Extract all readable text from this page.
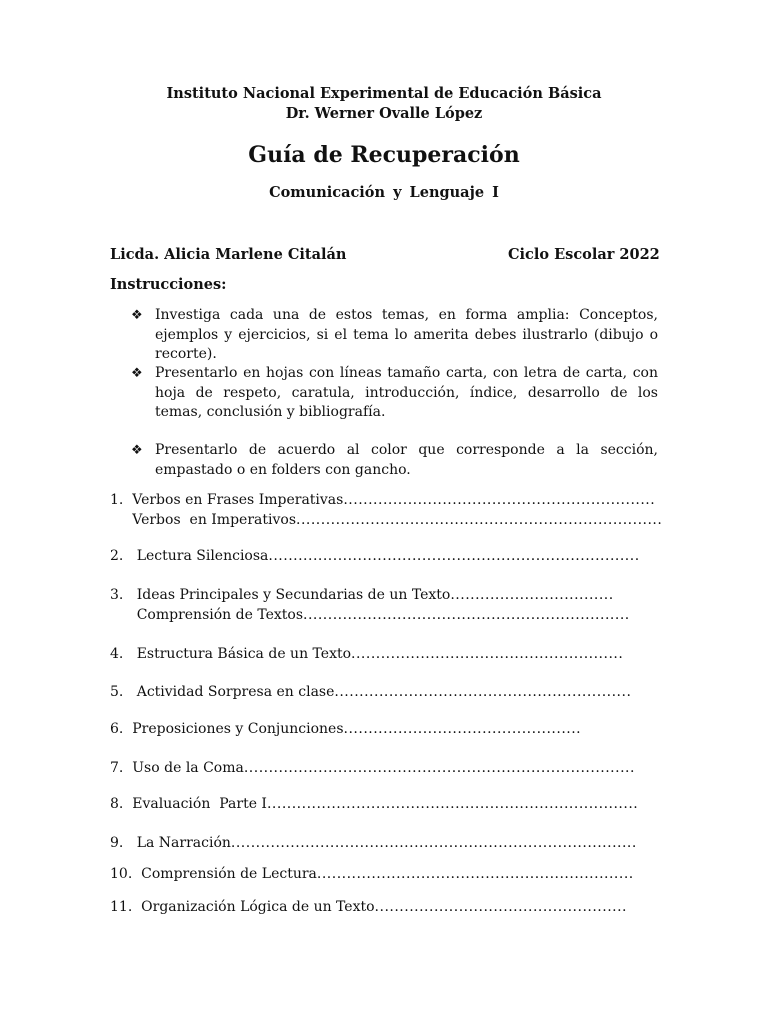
Instituto Nacional Experimental de Educación Básica
Dr. Werner Ovalle López
Guía de Recuperación
Comunicación y Lenguaje I
Licda. Alicia Marlene Citalán	Ciclo Escolar 2022
Instrucciones:
❖ Investiga cada una de estos temas, en forma amplia: Conceptos, ejemplos y ejercicios, si el tema lo amerita debes ilustrarlo (dibujo o recorte).
❖ Presentarlo en hojas con líneas tamaño carta, con letra de carta, con hoja de respeto, caratula, introducción, índice, desarrollo de los temas, conclusión y bibliografía.
❖ Presentarlo de acuerdo al color que corresponde a la sección, empastado o en folders con gancho.
1.  Verbos en Frases Imperativas...............................................................
Verbos  en Imperativos..........................................................................
2.   Lectura Silenciosa...........................................................................
3.   Ideas Principales y Secundarias de un Texto.................................
Comprensión de Textos..................................................................
4.   Estructura Básica de un Texto.......................................................
5.   Actividad Sorpresa en clase............................................................
6.  Preposiciones y Conjunciones................................................
7.  Uso de la Coma...............................................................................
8.  Evaluación  Parte I...........................................................................
9.   La Narración..................................................................................
10.  Comprensión de Lectura................................................................
11.  Organización Lógica de un Texto...................................................
